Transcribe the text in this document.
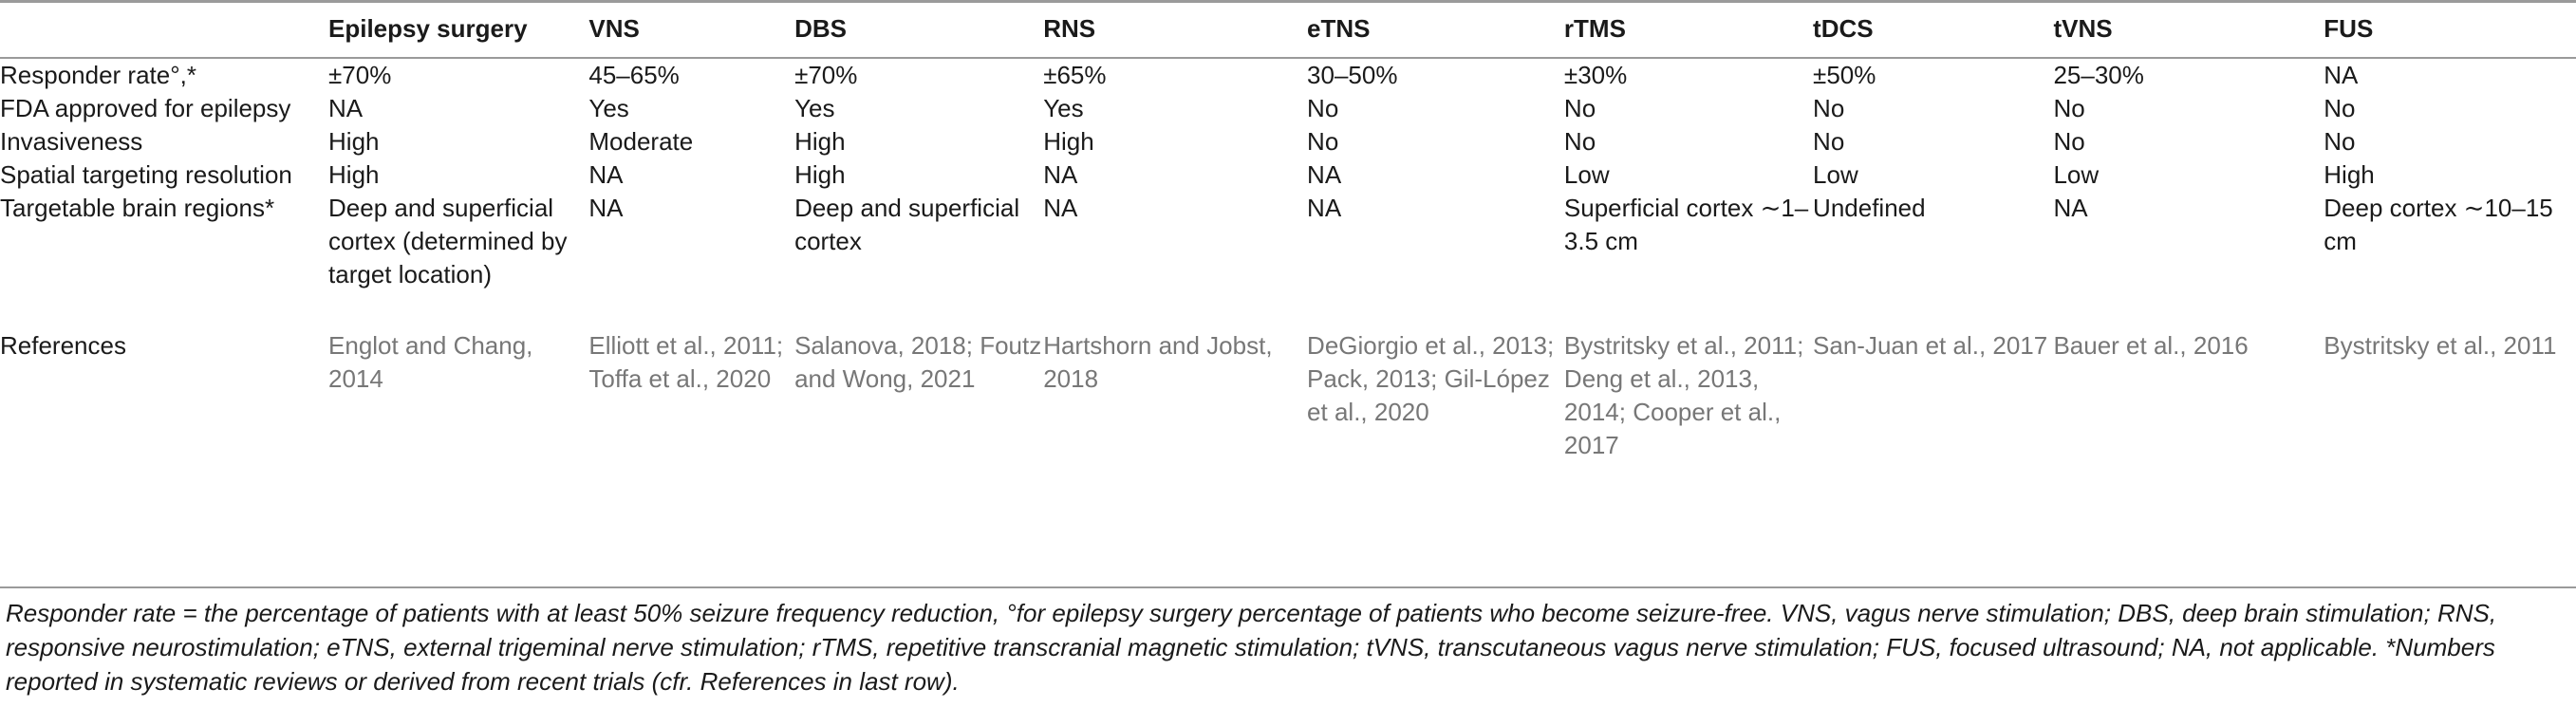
	Epilepsy surgery	VNS	DBS	RNS	eTNS	rTMS	tDCS	tVNS	FUS
Responder rate°,*	±70%	45–65%	±70%	±65%	30–50%	±30%	±50%	25–30%	NA
FDA approved for epilepsy	NA	Yes	Yes	Yes	No	No	No	No	No
Invasiveness	High	Moderate	High	High	No	No	No	No	No
Spatial targeting resolution	High	NA	High	NA	NA	Low	Low	Low	High
Targetable brain regions*	Deep and superficial cortex (determined by target location)	NA	Deep and superficial cortex	NA	NA	Superficial cortex ∼1–3.5 cm	Undefined	NA	Deep cortex ∼10–15 cm
References	Englot and Chang, 2014	Elliott et al., 2011; Toffa et al., 2020	Salanova, 2018; Foutz and Wong, 2021	Hartshorn and Jobst, 2018	DeGiorgio et al., 2013; Pack, 2013; Gil-López et al., 2020	Bystritsky et al., 2011; Deng et al., 2013, 2014; Cooper et al., 2017	San-Juan et al., 2017	Bauer et al., 2016	Bystritsky et al., 2011
Responder rate = the percentage of patients with at least 50% seizure frequency reduction, °for epilepsy surgery percentage of patients who become seizure-free. VNS, vagus nerve stimulation; DBS, deep brain stimulation; RNS, responsive neurostimulation; eTNS, external trigeminal nerve stimulation; rTMS, repetitive transcranial magnetic stimulation; tVNS, transcutaneous vagus nerve stimulation; FUS, focused ultrasound; NA, not applicable. *Numbers reported in systematic reviews or derived from recent trials (cfr. References in last row).
